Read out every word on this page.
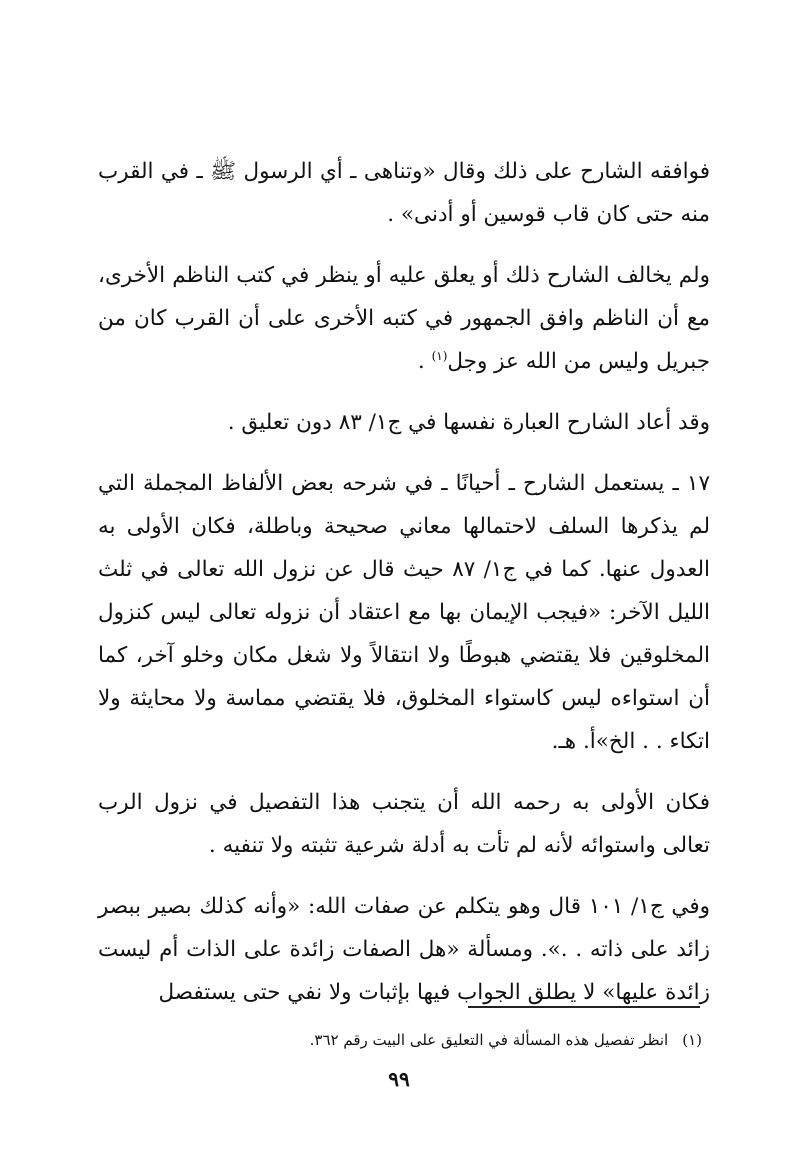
فوافقه الشارح على ذلك وقال «وتناهى ـ أي الرسول ﷺ ـ في القرب منه حتى كان قاب قوسين أو أدنى» .

ولم يخالف الشارح ذلك أو يعلق عليه أو ينظر في كتب الناظم الأخرى، مع أن الناظم وافق الجمهور في كتبه الأخرى على أن القرب كان من جبريل وليس من الله عز وجل$^{(١)}$ .

وقد أعاد الشارح العبارة نفسها في ج١/ ٨٣ دون تعليق .

١٧ ـ يستعمل الشارح ـ أحيانًا ـ في شرحه بعض الألفاظ المجملة التي لم يذكرها السلف لاحتمالها معاني صحيحة وباطلة، فكان الأولى به العدول عنها. كما في ج١/ ٨٧ حيث قال عن نزول الله تعالى في ثلث الليل الآخر: «فيجب الإيمان بها مع اعتقاد أن نزوله تعالى ليس كنزول المخلوقين فلا يقتضي هبوطًا ولا انتقالاً ولا شغل مكان وخلو آخر، كما أن استواءه ليس كاستواء المخلوق، فلا يقتضي مماسة ولا محايثة ولا اتكاء . . الخ»أ. هـ.

فكان الأولى به رحمه الله أن يتجنب هذا التفصيل في نزول الرب تعالى واستوائه لأنه لم تأت به أدلة شرعية تثبته ولا تنفيه .

وفي ج١/ ١٠١ قال وهو يتكلم عن صفات الله: «وأنه كذلك بصير ببصر زائد على ذاته . .». ومسألة «هل الصفات زائدة على الذات أم ليست زائدة عليها» لا يطلق الجواب فيها بإثبات ولا نفي حتى يستفصل

(١)انظر تفصيل هذه المسألة في التعليق على البيت رقم ٣٦٢.
٩٩
